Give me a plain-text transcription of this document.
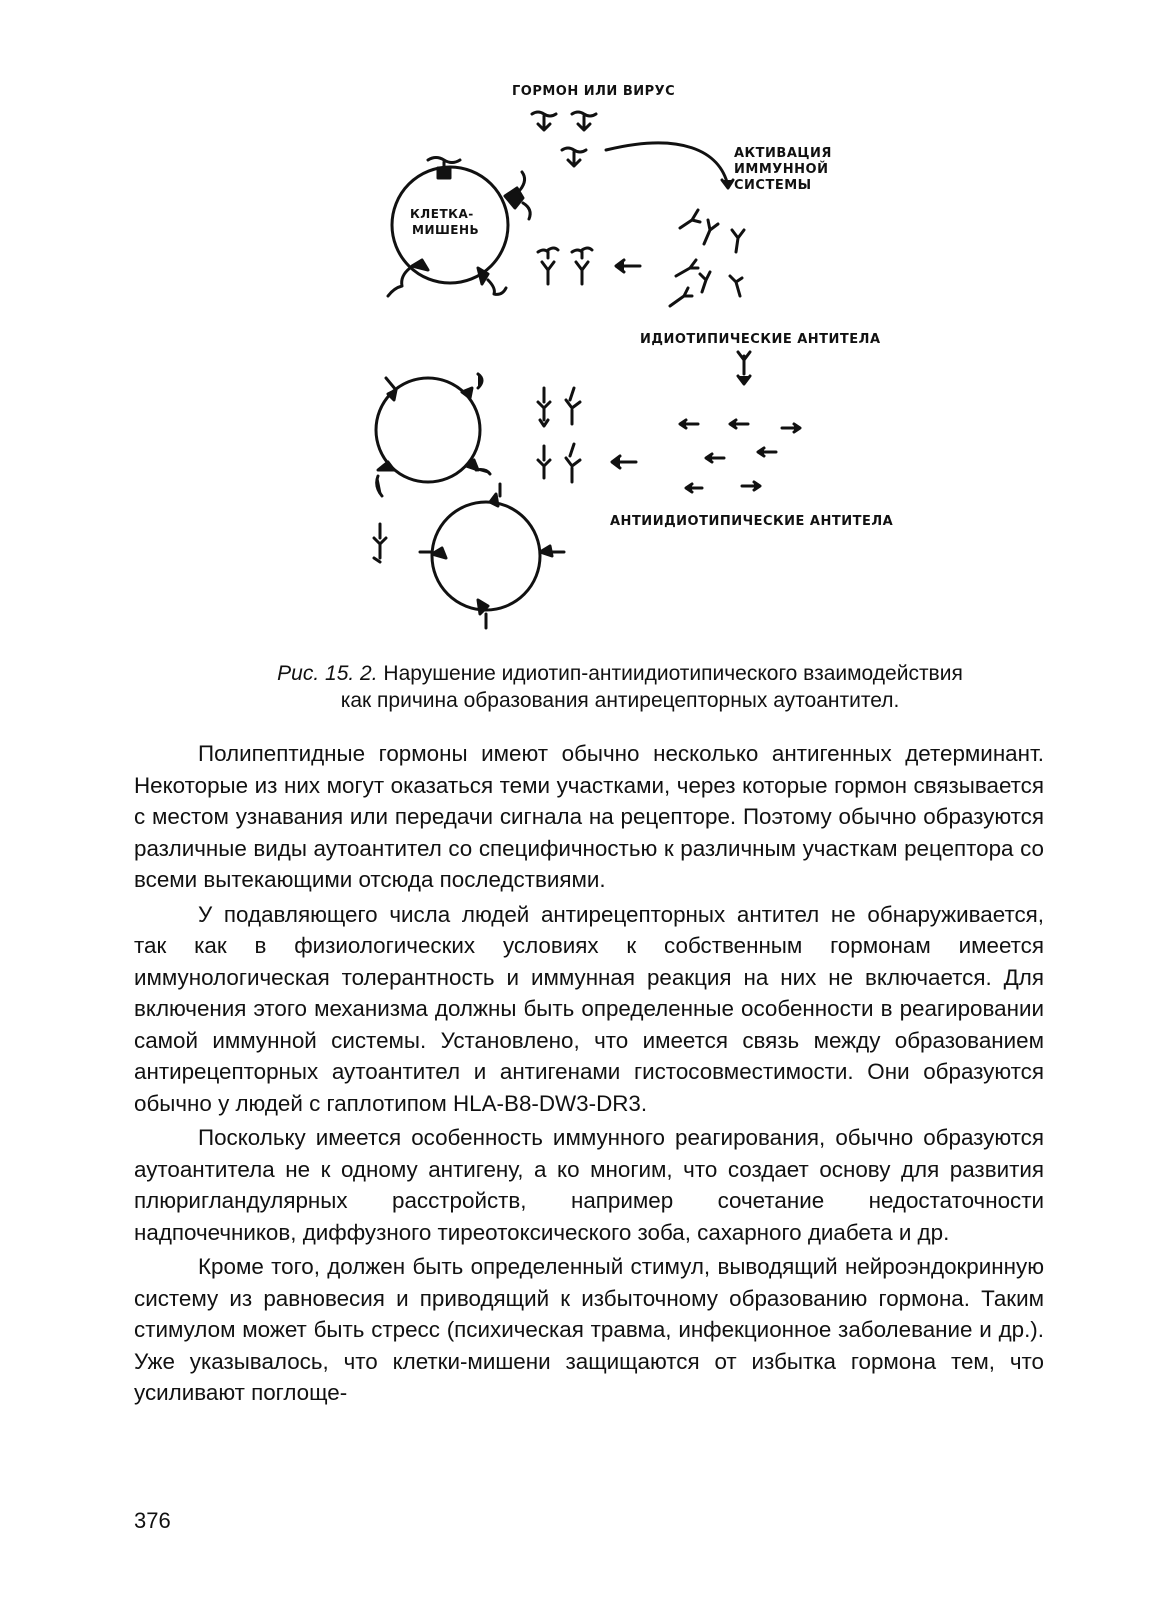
ГОРМОН ИЛИ ВИРУС
АКТИВАЦИЯ
ИММУННОЙ
СИСТЕМЫ
КЛЕТКА-
МИШЕНЬ
ИДИОТИПИЧЕСКИЕ АНТИТЕЛА
АНТИИДИОТИПИЧЕСКИЕ АНТИТЕЛА
Рис. 15. 2. Нарушение идиотип-антиидиотипического взаимодействия
как причина образования антирецепторных аутоантител.

Полипептидные гормоны имеют обычно несколько антигенных детерминант. Некоторые из них могут оказаться теми участками, через которые гормон связывается с местом узнавания или передачи сигнала на рецепторе. Поэтому обычно образуются различные виды аутоантител со специфичностью к различным участкам рецептора со всеми вытекающими отсюда последствиями.

У подавляющего числа людей антирецепторных антител не обнаруживается, так как в физиологических условиях к собственным гормонам имеется иммунологическая толерантность и иммунная реакция на них не включается. Для включения этого механизма должны быть определенные особенности в реагировании самой иммунной системы. Установлено, что имеется связь между образованием антирецепторных аутоантител и антигенами гистосовместимости. Они образуются обычно у людей с гаплотипом HLA-B8-DW3-DR3.

Поскольку имеется особенность иммунного реагирования, обычно образуются аутоантитела не к одному антигену, а ко многим, что создает основу для развития плюригландулярных расстройств, например сочетание недостаточности надпочечников, диффузного тиреотоксического зоба, сахарного диабета и др.

Кроме того, должен быть определенный стимул, выводящий нейроэндокринную систему из равновесия и приводящий к избыточному образованию гормона. Таким стимулом может быть стресс (психическая травма, инфекционное заболевание и др.). Уже указывалось, что клетки-мишени защищаются от избытка гормона тем, что усиливают поглоще-

376
